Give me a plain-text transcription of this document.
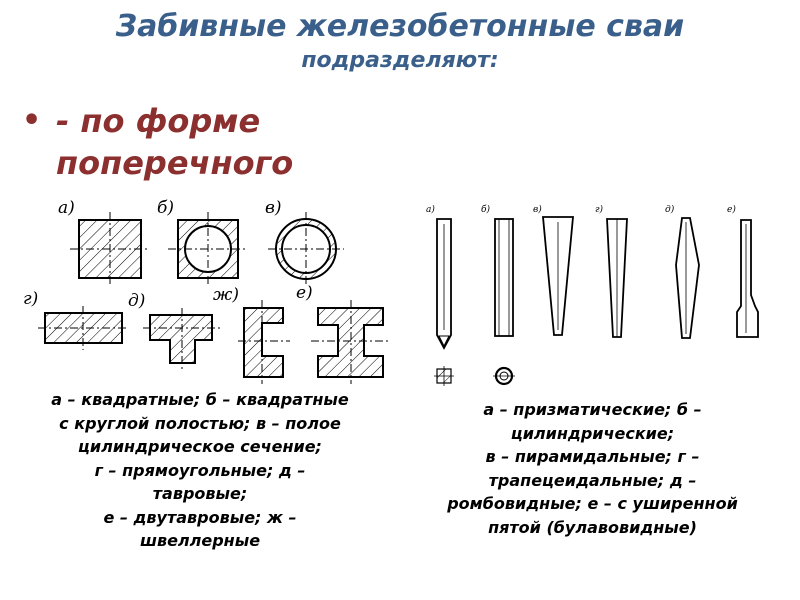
Забивные железобетонные сваи
подразделяют:
• - по форме поперечного
а)	б)	в)
г)	д)	ж)	е)
а)	б)	в)	г)	д)	е)
а – квадратные; б – квадратные
с круглой полостью; в – полое
цилиндрическое сечение;
г – прямоугольные; д –
тавровые;
е – двутавровые; ж –
швеллерные
а – призматические; б –
цилиндрические;
в – пирамидальные; г –
трапецеидальные; д –
ромбовидные; е – с уширенной
пятой (булавовидные)
